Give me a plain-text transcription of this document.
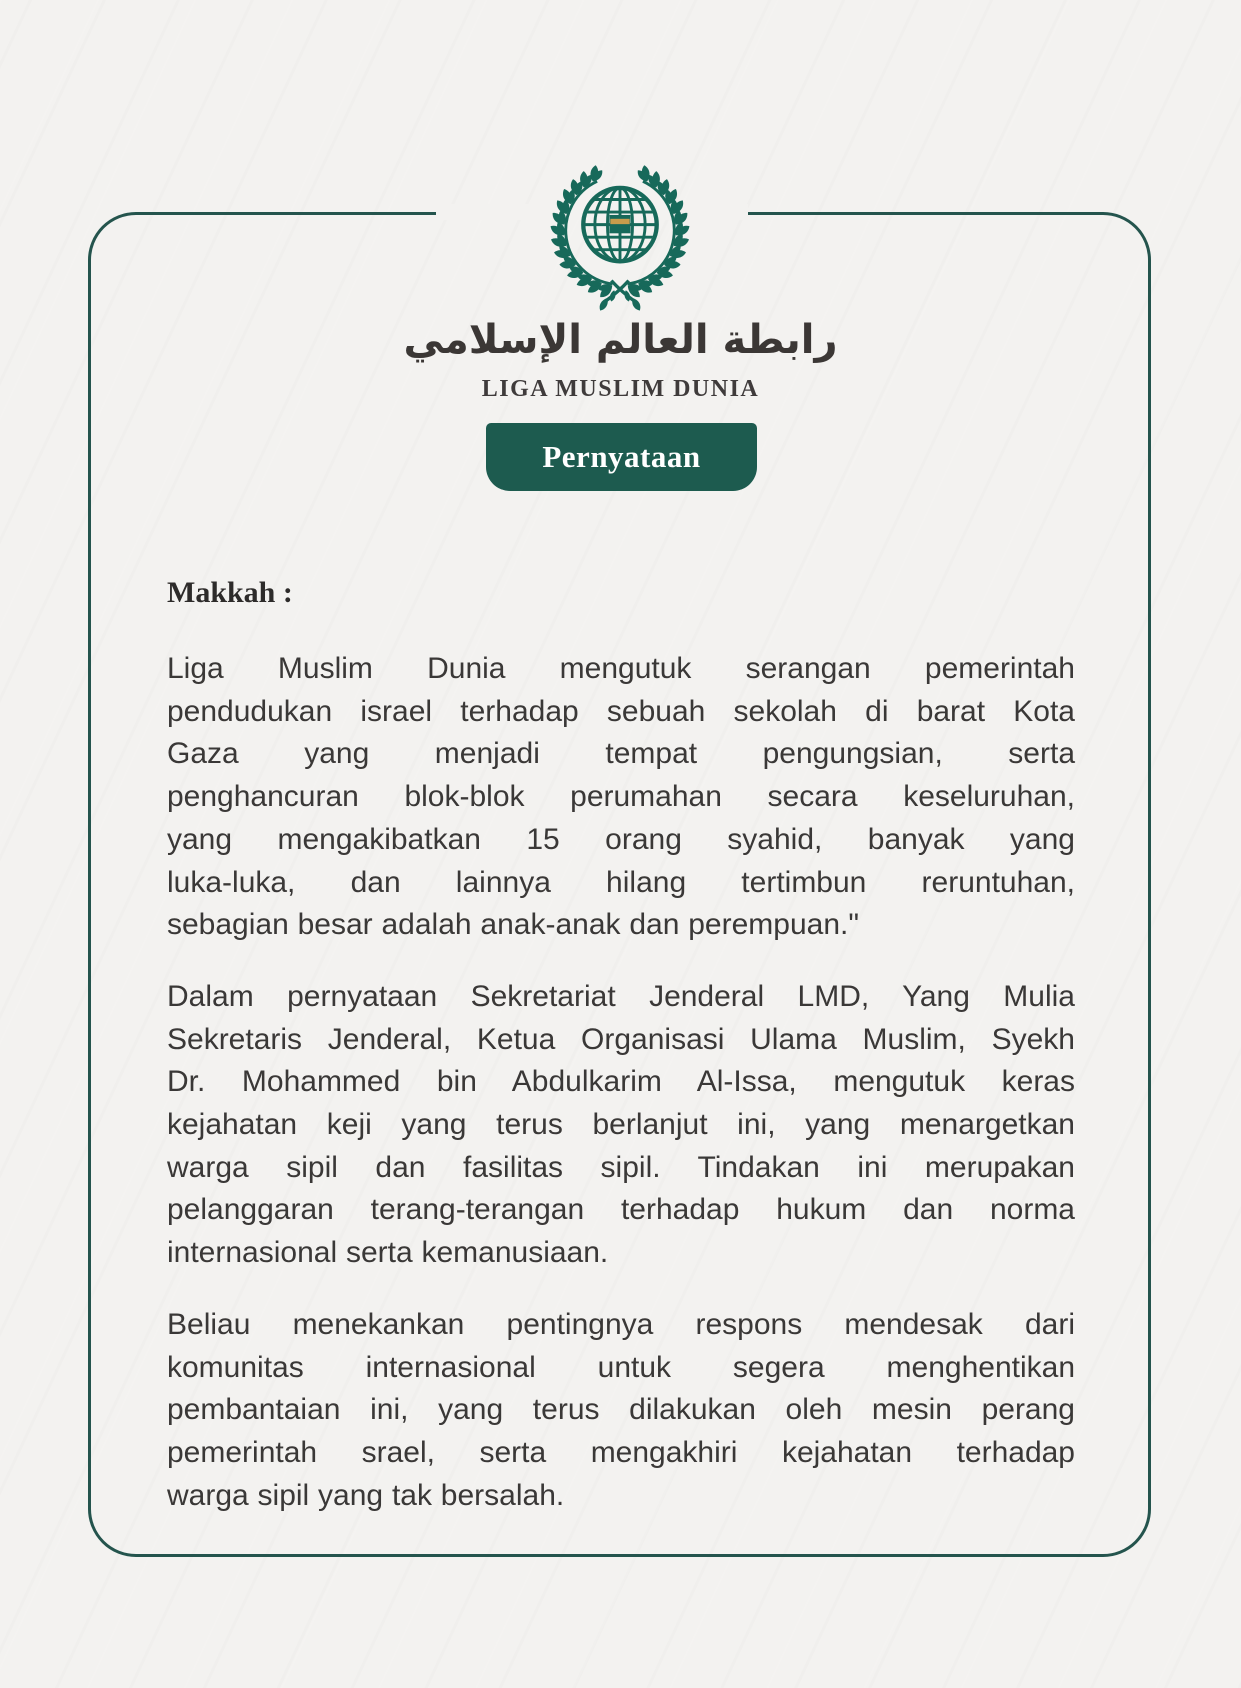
رابطة العالم الإسلامي
LIGA MUSLIM DUNIA
Pernyataan
Makkah :
Liga Muslim Dunia mengutuk serangan pemerintah
pendudukan israel terhadap sebuah sekolah di barat Kota
Gaza yang menjadi tempat pengungsian, serta
penghancuran blok-blok perumahan secara keseluruhan,
yang mengakibatkan 15 orang syahid, banyak yang
luka-luka, dan lainnya hilang tertimbun reruntuhan,
sebagian besar adalah anak-anak dan perempuan."
Dalam pernyataan Sekretariat Jenderal LMD, Yang Mulia
Sekretaris Jenderal, Ketua Organisasi Ulama Muslim, Syekh
Dr. Mohammed bin Abdulkarim Al-Issa, mengutuk keras
kejahatan keji yang terus berlanjut ini, yang menargetkan
warga sipil dan fasilitas sipil. Tindakan ini merupakan
pelanggaran terang-terangan terhadap hukum dan norma
internasional serta kemanusiaan.
Beliau menekankan pentingnya respons mendesak dari
komunitas internasional untuk segera menghentikan
pembantaian ini, yang terus dilakukan oleh mesin perang
pemerintah srael, serta mengakhiri kejahatan terhadap
warga sipil yang tak bersalah.
